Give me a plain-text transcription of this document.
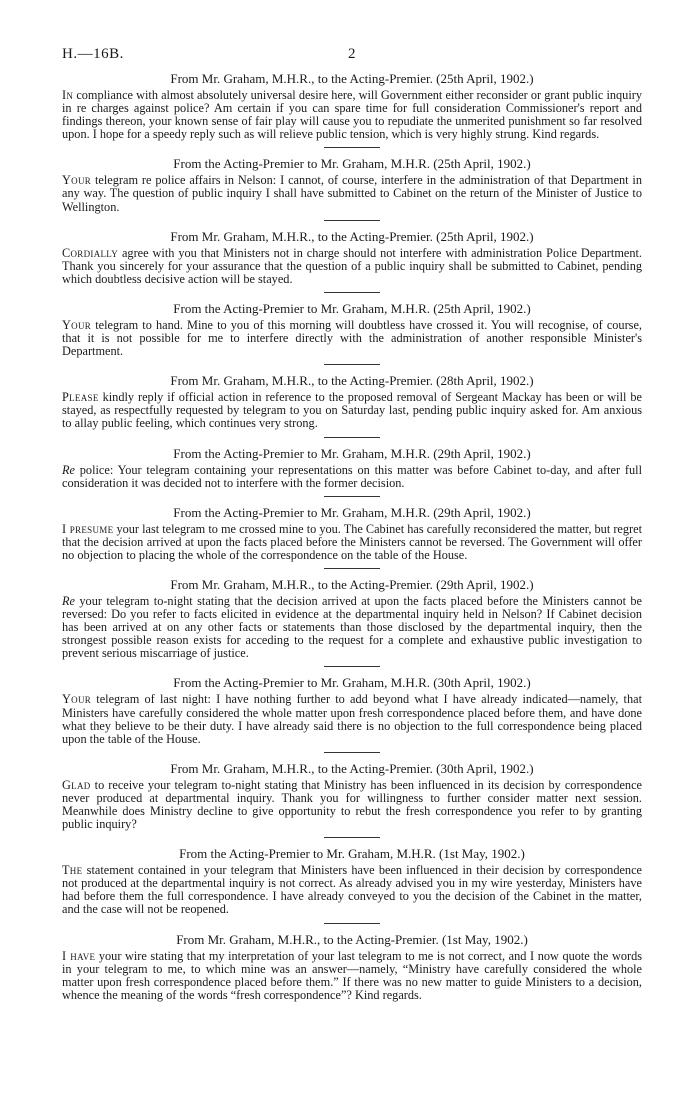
H.—16B.	2
From Mr. Graham, M.H.R., to the Acting-Premier. (25th April, 1902.)

In compliance with almost absolutely universal desire here, will Government either reconsider or grant public inquiry in re charges against police? Am certain if you can spare time for full consideration Commissioner's report and findings thereon, your known sense of fair play will cause you to repudiate the unmerited punishment so far resolved upon. I hope for a speedy reply such as will relieve public tension, which is very highly strung. Kind regards.

From the Acting-Premier to Mr. Graham, M.H.R. (25th April, 1902.)

Your telegram re police affairs in Nelson: I cannot, of course, interfere in the administration of that Department in any way. The question of public inquiry I shall have submitted to Cabinet on the return of the Minister of Justice to Wellington.

From Mr. Graham, M.H.R., to the Acting-Premier. (25th April, 1902.)

Cordially agree with you that Ministers not in charge should not interfere with administration Police Department. Thank you sincerely for your assurance that the question of a public inquiry shall be submitted to Cabinet, pending which doubtless decisive action will be stayed.

From the Acting-Premier to Mr. Graham, M.H.R. (25th April, 1902.)

Your telegram to hand. Mine to you of this morning will doubtless have crossed it. You will recognise, of course, that it is not possible for me to interfere directly with the administration of another responsible Minister's Department.

From Mr. Graham, M.H.R., to the Acting-Premier. (28th April, 1902.)

Please kindly reply if official action in reference to the proposed removal of Sergeant Mackay has been or will be stayed, as respectfully requested by telegram to you on Saturday last, pending public inquiry asked for. Am anxious to allay public feeling, which continues very strong.

From the Acting-Premier to Mr. Graham, M.H.R. (29th April, 1902.)

Re police: Your telegram containing your representations on this matter was before Cabinet to-day, and after full consideration it was decided not to interfere with the former decision.

From the Acting-Premier to Mr. Graham, M.H.R. (29th April, 1902.)

I presume your last telegram to me crossed mine to you. The Cabinet has carefully reconsidered the matter, but regret that the decision arrived at upon the facts placed before the Ministers cannot be reversed. The Government will offer no objection to placing the whole of the correspondence on the table of the House.

From Mr. Graham, M.H.R., to the Acting-Premier. (29th April, 1902.)

Re your telegram to-night stating that the decision arrived at upon the facts placed before the Ministers cannot be reversed: Do you refer to facts elicited in evidence at the departmental inquiry held in Nelson? If Cabinet decision has been arrived at on any other facts or statements than those disclosed by the departmental inquiry, then the strongest possible reason exists for acceding to the request for a complete and exhaustive public investigation to prevent serious miscarriage of justice.

From the Acting-Premier to Mr. Graham, M.H.R. (30th April, 1902.)

Your telegram of last night: I have nothing further to add beyond what I have already indicated—namely, that Ministers have carefully considered the whole matter upon fresh correspondence placed before them, and have done what they believe to be their duty. I have already said there is no objection to the full correspondence being placed upon the table of the House.

From Mr. Graham, M.H.R., to the Acting-Premier. (30th April, 1902.)

Glad to receive your telegram to-night stating that Ministry has been influenced in its decision by correspondence never produced at departmental inquiry. Thank you for willingness to further consider matter next session. Meanwhile does Ministry decline to give opportunity to rebut the fresh correspondence you refer to by granting public inquiry?

From the Acting-Premier to Mr. Graham, M.H.R. (1st May, 1902.)

The statement contained in your telegram that Ministers have been influenced in their decision by correspondence not produced at the departmental inquiry is not correct. As already advised you in my wire yesterday, Ministers have had before them the full correspondence. I have already conveyed to you the decision of the Cabinet in the matter, and the case will not be reopened.

From Mr. Graham, M.H.R., to the Acting-Premier. (1st May, 1902.)

I have your wire stating that my interpretation of your last telegram to me is not correct, and I now quote the words in your telegram to me, to which mine was an answer—namely, “Ministry have carefully considered the whole matter upon fresh correspondence placed before them.” If there was no new matter to guide Ministers to a decision, whence the meaning of the words “fresh correspondence”? Kind regards.
